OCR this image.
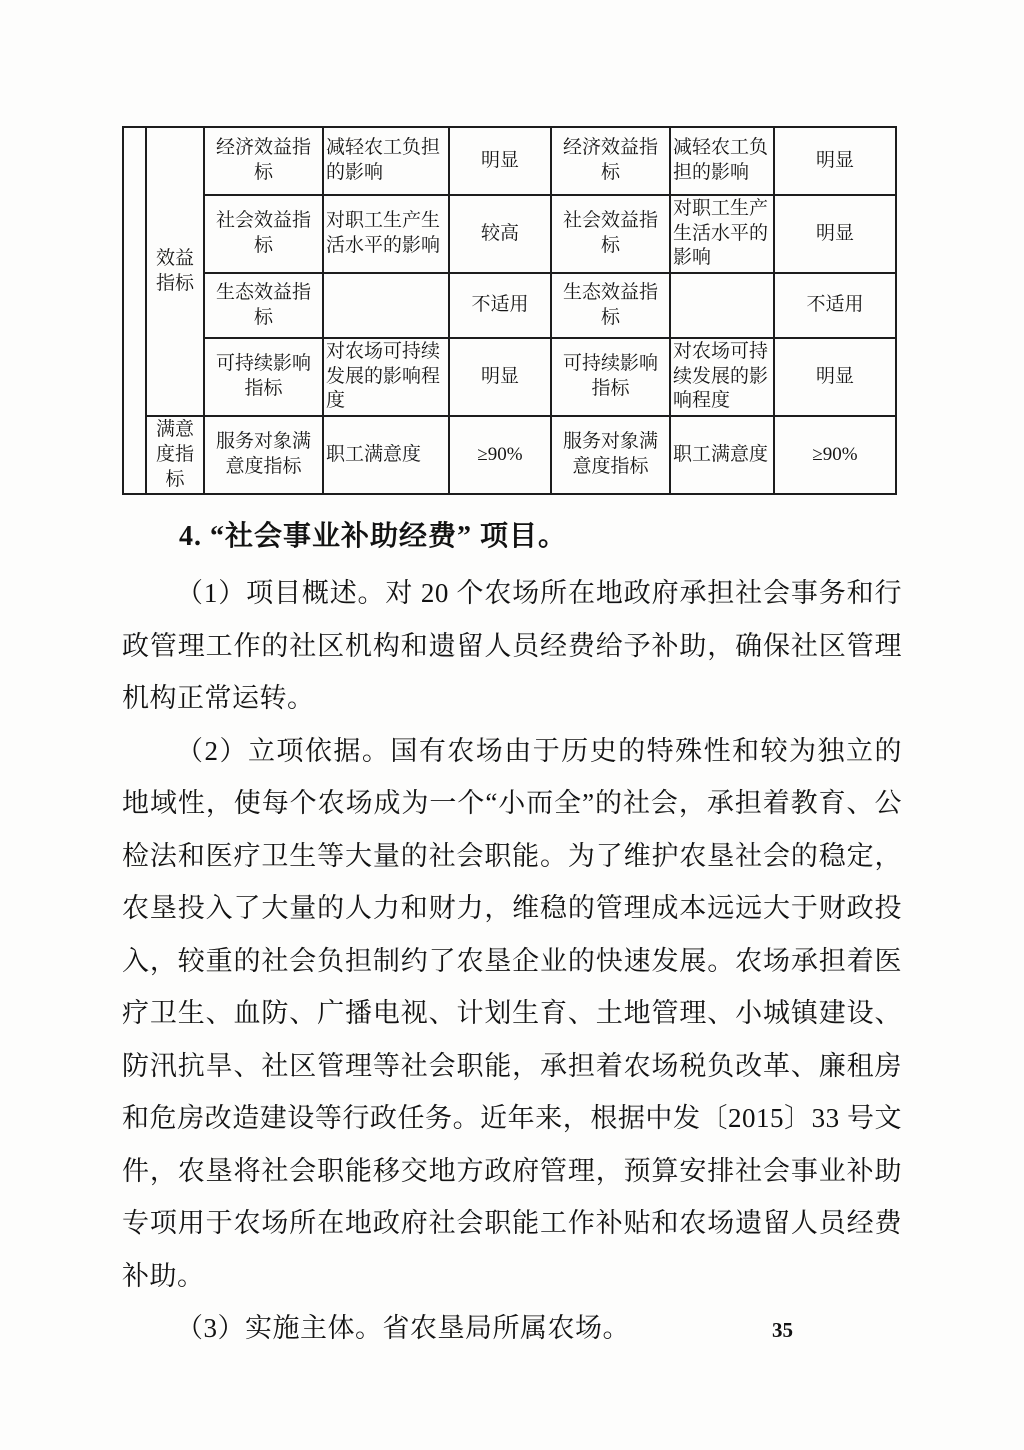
	效益指标	经济效益指标	减轻农工负担的影响	明显	经济效益指标	减轻农工负担的影响	明显
		社会效益指标	对职工生产生活水平的影响	较高	社会效益指标	对职工生产生活水平的影响	明显
		生态效益指标		不适用	生态效益指标		不适用
		可持续影响指标	对农场可持续发展的影响程度	明显	可持续影响指标	对农场可持续发展的影响程度	明显
	满意度指标	服务对象满意度指标	职工满意度	≥90%	服务对象满意度指标	职工满意度	≥90%
4. “社会事业补助经费” 项目。

（1）项目概述。对 20 个农场所在地政府承担社会事务和行政管理工作的社区机构和遗留人员经费给予补助，确保社区管理机构正常运转。

（2）立项依据。国有农场由于历史的特殊性和较为独立的地域性，使每个农场成为一个“小而全”的社会，承担着教育、公检法和医疗卫生等大量的社会职能。为了维护农垦社会的稳定，农垦投入了大量的人力和财力，维稳的管理成本远远大于财政投入，较重的社会负担制约了农垦企业的快速发展。农场承担着医疗卫生、血防、广播电视、计划生育、土地管理、小城镇建设、防汛抗旱、社区管理等社会职能，承担着农场税负改革、廉租房和危房改造建设等行政任务。近年来，根据中发〔2015〕33 号文件，农垦将社会职能移交地方政府管理，预算安排社会事业补助专项用于农场所在地政府社会职能工作补贴和农场遗留人员经费补助。

（3）实施主体。省农垦局所属农场。	35
